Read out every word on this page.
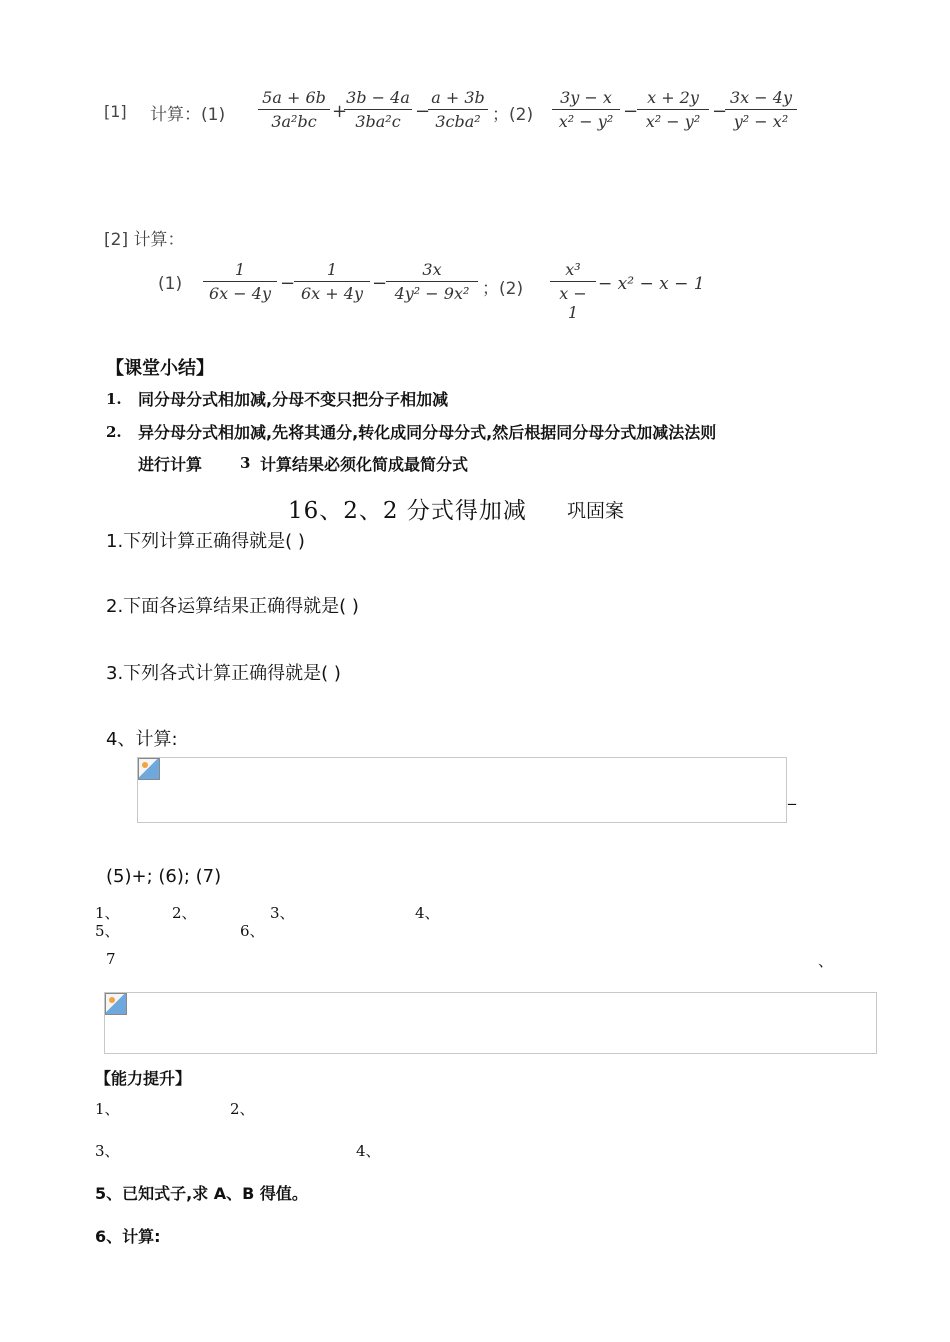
[1] 计算：(1)
5a + 6b
3a²bc +
3b − 4a
3ba²c −
a + 3b
3cba² ；(2)
3y − x
x² − y² −
x + 2y
x² − y² −
3x − 4y
y² − x²
[2] 计算：
(1)
1
6x − 4y −
1
6x + 4y −
3x
4y² − 9x² ；(2)
x³
x − 1
− x² − x − 1
【课堂小结】
1. 同分母分式相加减,分母不变只把分子相加减
2. 异分母分式相加减,先将其通分,转化成同分母分式,然后根据同分母分式加减法法则
进行计算	3 计算结果必须化简成最简分式
16、2、2 分式得加减 巩固案
1.下列计算正确得就是( )
2.下面各运算结果正确得就是( )
3.下列各式计算正确得就是( )
4、计算:
_
(5)+; (6); (7)
1、	2、	3、	4、
5、	6、
7	、
【能力提升】
1、	2、
3、	4、
5、已知式子,求 A、B 得值。
6、计算:
